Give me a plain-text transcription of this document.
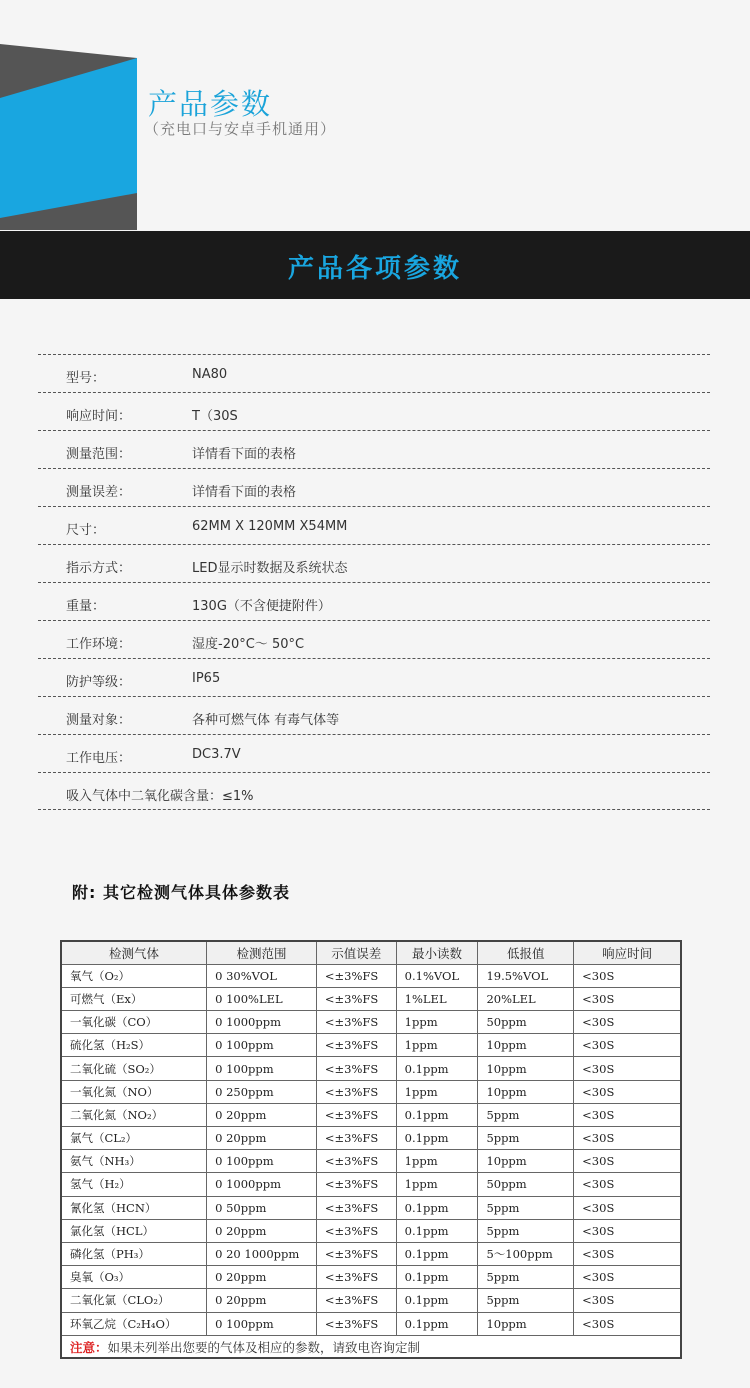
产品参数
（充电口与安卓手机通用）
产品各项参数
型号：	NA80
响应时间：	T（30S
测量范围：	详情看下面的表格
测量误差：	详情看下面的表格
尺寸：	62MM X 120MM X54MM
指示方式：	LED显示时数据及系统状态
重量：	130G（不含便捷附件）
工作环境：	湿度-20°C～ 50°C
防护等级：	IP65
测量对象：	各种可燃气体 有毒气体等
工作电压：	DC3.7V
吸入气体中二氧化碳含量：≤1%
附: 其它检测气体具体参数表
检测气体	检测范围	示值误差	最小读数	低报值	响应时间
氧气（O₂）	0 30%VOL	<±3%FS	0.1%VOL	19.5%VOL	<30S
可燃气（Ex）	0 100%LEL	<±3%FS	1%LEL	20%LEL	<30S
一氧化碳（CO）	0 1000ppm	<±3%FS	1ppm	50ppm	<30S
硫化氢（H₂S）	0 100ppm	<±3%FS	1ppm	10ppm	<30S
二氧化硫（SO₂）	0 100ppm	<±3%FS	0.1ppm	10ppm	<30S
一氧化氮（NO）	0 250ppm	<±3%FS	1ppm	10ppm	<30S
二氧化氮（NO₂）	0 20ppm	<±3%FS	0.1ppm	5ppm	<30S
氯气（CL₂）	0 20ppm	<±3%FS	0.1ppm	5ppm	<30S
氨气（NH₃）	0 100ppm	<±3%FS	1ppm	10ppm	<30S
氢气（H₂）	0 1000ppm	<±3%FS	1ppm	50ppm	<30S
氰化氢（HCN）	0 50ppm	<±3%FS	0.1ppm	5ppm	<30S
氯化氢（HCL）	0 20ppm	<±3%FS	0.1ppm	5ppm	<30S
磷化氢（PH₃）	0 20 1000ppm	<±3%FS	0.1ppm	5～100ppm	<30S
臭氧（O₃）	0 20ppm	<±3%FS	0.1ppm	5ppm	<30S
二氧化氯（CLO₂）	0 20ppm	<±3%FS	0.1ppm	5ppm	<30S
环氧乙烷（C₂H₄O）	0 100ppm	<±3%FS	0.1ppm	10ppm	<30S
注意：如果未列举出您要的气体及相应的参数，请致电咨询定制					
